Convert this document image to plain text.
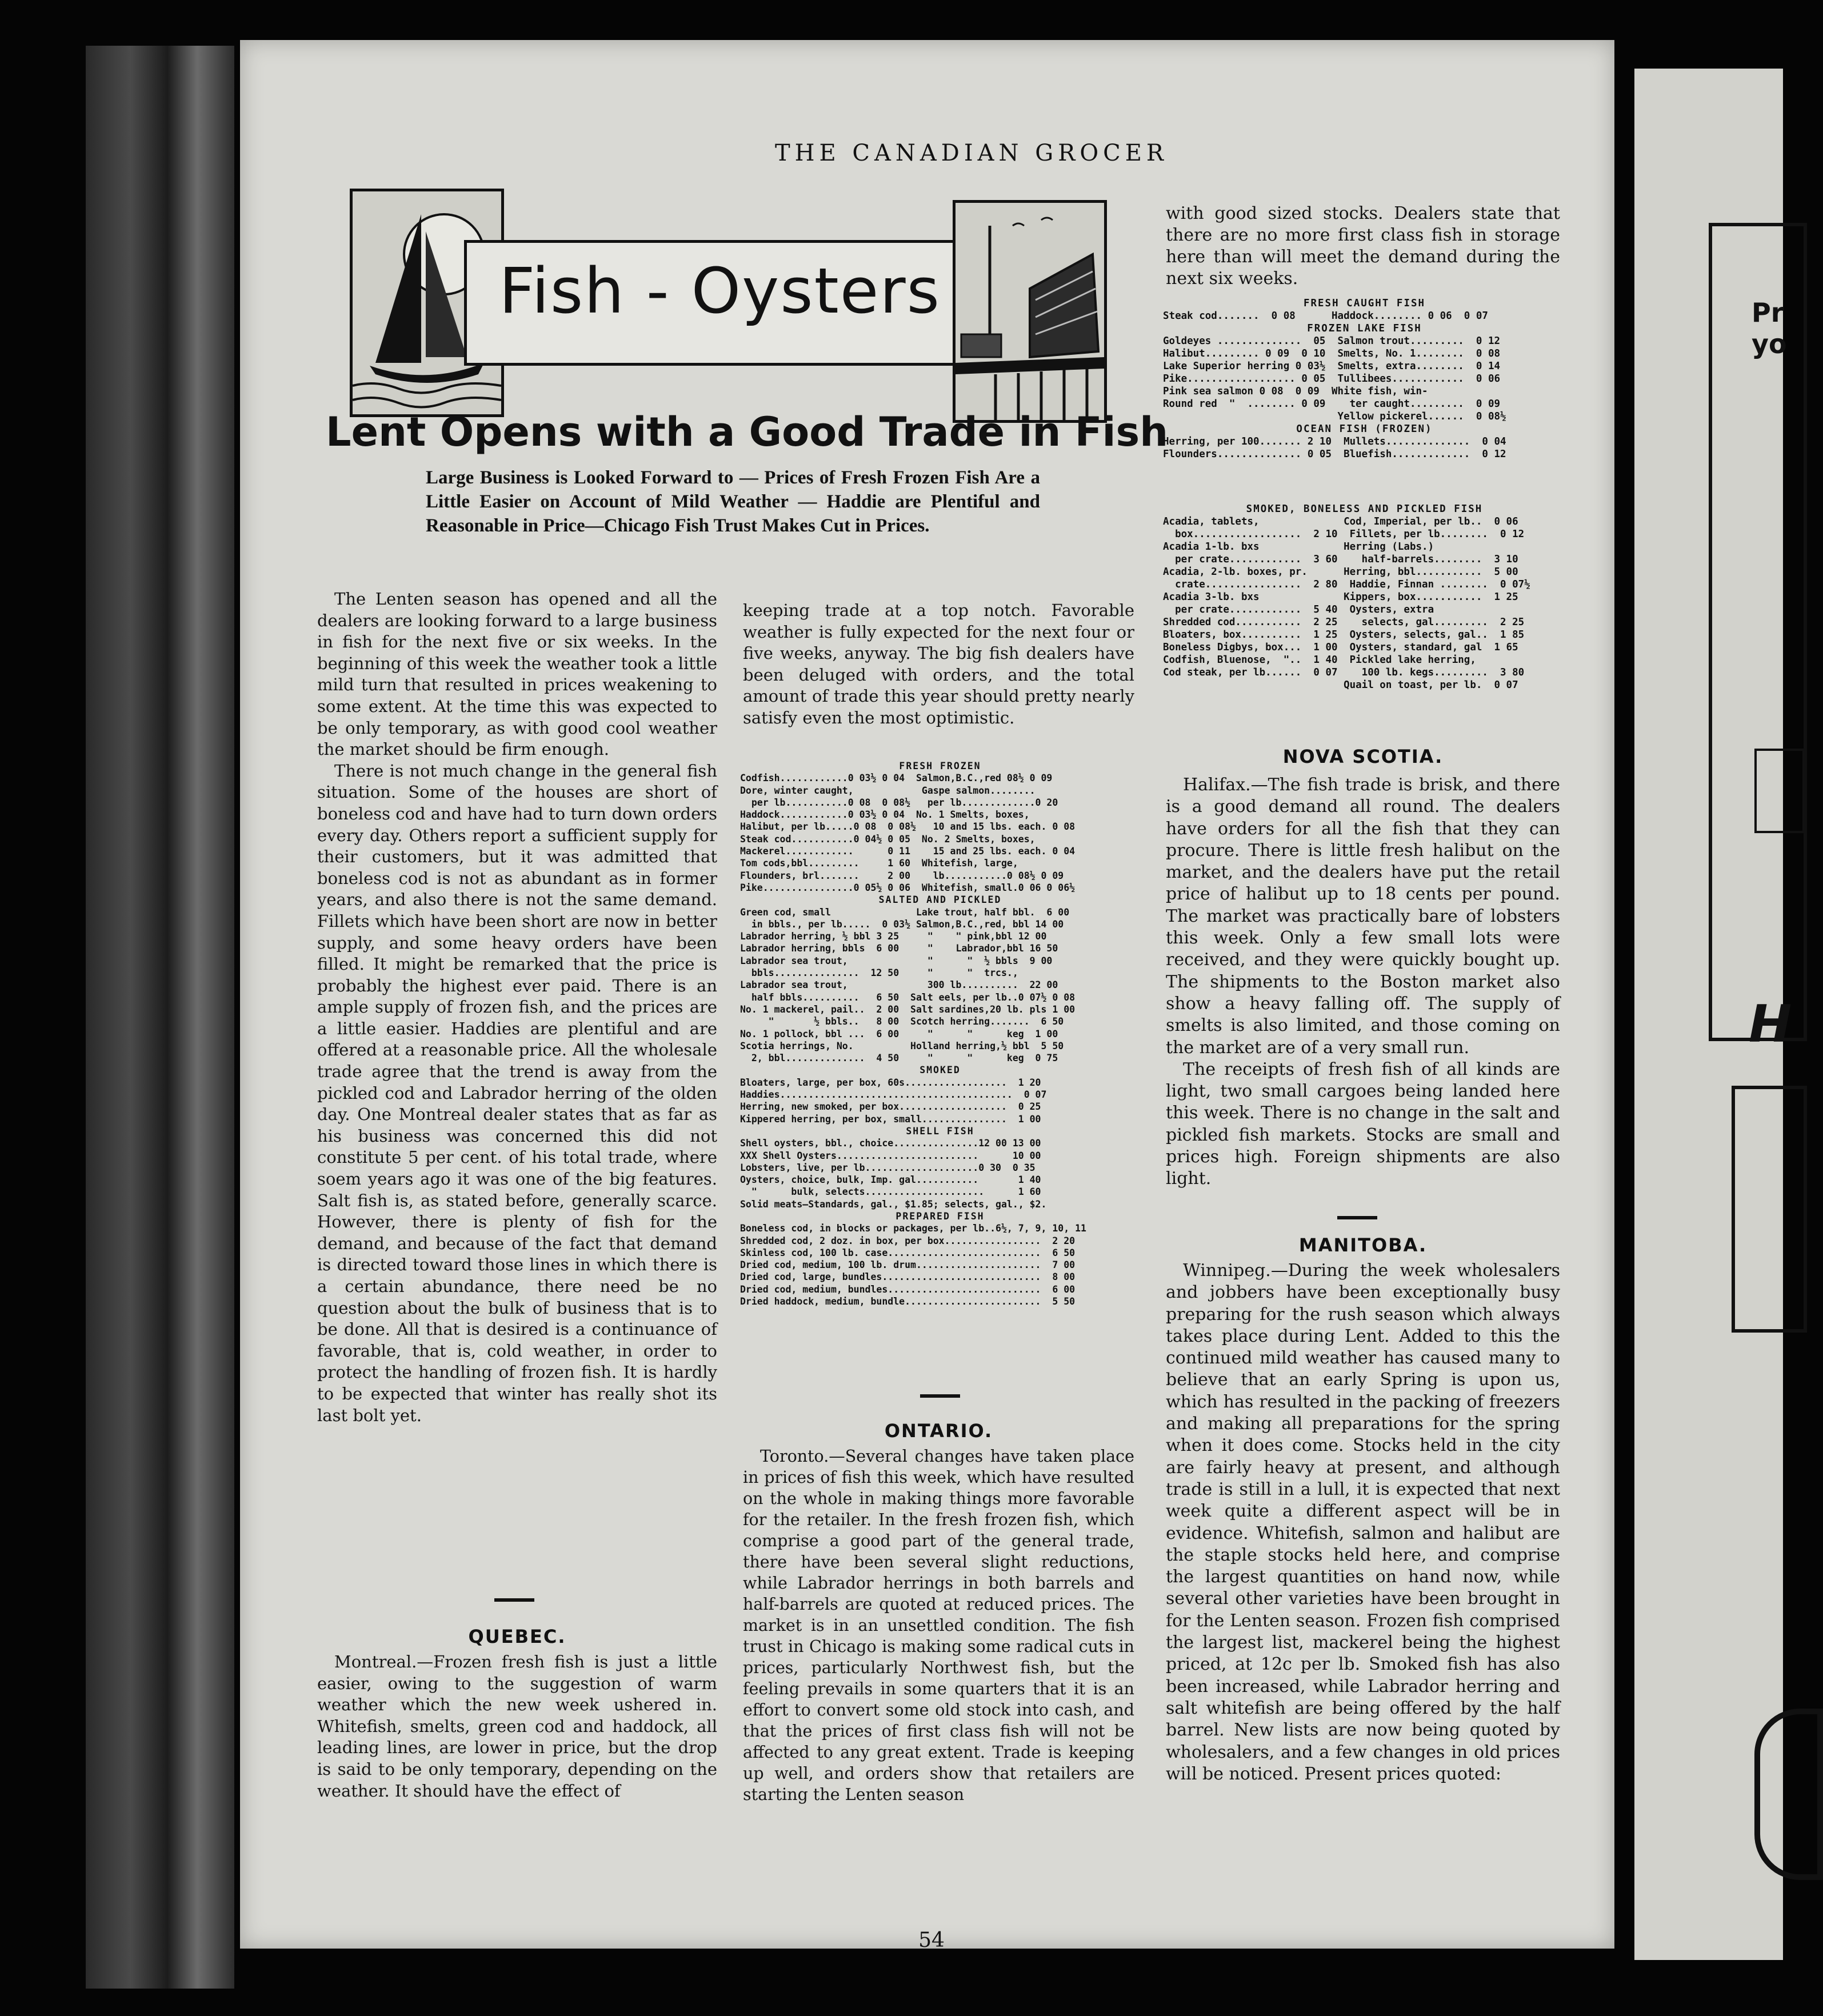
Pr
yo
H
THE CANADIAN GROCER
Fish - Oysters
Lent Opens with a Good Trade in Fish
Large Business is Looked Forward to — Prices of Fresh Frozen Fish Are a Little Easier on Account of Mild Weather — Haddie are Plentiful and Reasonable in Price—Chicago Fish Trust Makes Cut in Prices.

The Lenten season has opened and all the dealers are looking forward to a large business in fish for the next five or six weeks. In the beginning of this week the weather took a little mild turn that resulted in prices weakening to some extent. At the time this was expected to be only temporary, as with good cool weather the market should be firm enough.

There is not much change in the general fish situation. Some of the houses are short of boneless cod and have had to turn down orders every day. Others report a sufficient supply for their customers, but it was admitted that boneless cod is not as abundant as in former years, and also there is not the same demand. Fillets which have been short are now in better supply, and some heavy orders have been filled. It might be remarked that the price is probably the highest ever paid. There is an ample supply of frozen fish, and the prices are a little easier. Haddies are plentiful and are offered at a reasonable price. All the wholesale trade agree that the trend is away from the pickled cod and Labrador herring of the olden day. One Montreal dealer states that as far as his business was concerned this did not constitute 5 per cent. of his total trade, where soem years ago it was one of the big features. Salt fish is, as stated before, generally scarce. However, there is plenty of fish for the demand, and because of the fact that demand is directed toward those lines in which there is a certain abundance, there need be no question about the bulk of business that is to be done. All that is desired is a continuance of favorable, that is, cold weather, in order to protect the handling of frozen fish. It is hardly to be expected that winter has really shot its last bolt yet.

QUEBEC.

Montreal.—Frozen fresh fish is just a little easier, owing to the suggestion of warm weather which the new week ushered in. Whitefish, smelts, green cod and haddock, all leading lines, are lower in price, but the drop is said to be only temporary, depending on the weather. It should have the effect of

keeping trade at a top notch. Favorable weather is fully expected for the next four or five weeks, anyway. The big fish dealers have been deluged with orders, and the total amount of trade this year should pretty nearly satisfy even the most optimistic.

FRESH FROZEN
Codfish............0 03½ 0 04  Salmon,B.C.,red 08½ 0 09
Dore, winter caught,            Gaspe salmon........
per lb...........0 08  0 08½   per lb.............0 20
Haddock............0 03½ 0 04  No. 1 Smelts, boxes,
Halibut, per lb.....0 08  0 08½   10 and 15 lbs. each. 0 08
Steak cod...........0 04½ 0 05  No. 2 Smelts, boxes,
Mackerel............      0 11    15 and 25 lbs. each. 0 04
Tom cods,bbl.........     1 60  Whitefish, large,
Flounders, brl.......     2 00    lb...........0 08½ 0 09
Pike................0 05½ 0 06  Whitefish, small.0 06 0 06½
SALTED AND PICKLED
Green cod, small               Lake trout, half bbl.  6 00
in bbls., per lb.....  0 03½ Salmon,B.C.,red, bbl 14 00
Labrador herring, ½ bbl 3 25     "    " pink,bbl 12 00
Labrador herring, bbls  6 00     "    Labrador,bbl 16 50
Labrador sea trout,              "      "  ½ bbls  9 00
bbls...............  12 50     "      "  trcs.,
Labrador sea trout,              300 lb..........  22 00
half bbls..........   6 50  Salt eels, per lb..0 07½ 0 08
No. 1 mackerel, pail..  2 00  Salt sardines,20 lb. pls 1 00
"       ½ bbls..   8 00  Scotch herring.......  6 50
No. 1 pollock, bbl ...  6 00     "      "      keg  1 00
Scotia herrings, No.          Holland herring,½ bbl  5 50
2, bbl..............  4 50     "      "      keg  0 75
SMOKED
Bloaters, large, per box, 60s..................  1 20
Haddies.........................................  0 07
Herring, new smoked, per box...................  0 25
Kippered herring, per box, small...............  1 00
SHELL FISH
Shell oysters, bbl., choice...............12 00 13 00
XXX Shell Oysters.........................      10 00
Lobsters, live, per lb....................0 30  0 35
Oysters, choice, bulk, Imp. gal...........       1 40
"      bulk, selects.....................      1 60
Solid meats—Standards, gal., $1.85; selects, gal., $2.
PREPARED FISH
Boneless cod, in blocks or packages, per lb..6½, 7, 9, 10, 11
Shredded cod, 2 doz. in box, per box.................  2 20
Skinless cod, 100 lb. case...........................  6 50
Dried cod, medium, 100 lb. drum......................  7 00
Dried cod, large, bundles............................  8 00
Dried cod, medium, bundles...........................  6 00
Dried haddock, medium, bundle........................  5 50
ONTARIO.

Toronto.—Several changes have taken place in prices of fish this week, which have resulted on the whole in making things more favorable for the retailer. In the fresh frozen fish, which comprise a good part of the general trade, there have been several slight reductions, while Labrador herrings in both barrels and half-barrels are quoted at reduced prices. The market is in an unsettled condition. The fish trust in Chicago is making some radical cuts in prices, particularly Northwest fish, but the feeling prevails in some quarters that it is an effort to convert some old stock into cash, and that the prices of first class fish will not be affected to any great extent. Trade is keeping up well, and orders show that retailers are starting the Lenten season

with good sized stocks. Dealers state that there are no more first class fish in storage here than will meet the demand during the next six weeks.

FRESH CAUGHT FISH
Steak cod.......  0 08      Haddock........ 0 06  0 07
FROZEN LAKE FISH
Goldeyes ..............  05  Salmon trout.........  0 12
Halibut......... 0 09  0 10  Smelts, No. 1........  0 08
Lake Superior herring 0 03½  Smelts, extra........  0 14
Pike.................. 0 05  Tullibees............  0 06
Pink sea salmon 0 08  0 09  White fish, win-
Round red  "  ........ 0 09    ter caught.........  0 09
Yellow pickerel......  0 08½
OCEAN FISH (FROZEN)
Herring, per 100....... 2 10  Mullets..............  0 04
Flounders.............. 0 05  Bluefish.............  0 12
SMOKED, BONELESS AND PICKLED FISH
Acadia, tablets,              Cod, Imperial, per lb..  0 06
box..................  2 10  Fillets, per lb........  0 12
Acadia 1-lb. bxs              Herring (Labs.)
per crate............  3 60    half-barrels........  3 10
Acadia, 2-lb. boxes, pr.      Herring, bbl...........  5 00
crate................  2 80  Haddie, Finnan ........  0 07½
Acadia 3-lb. bxs              Kippers, box...........  1 25
per crate............  5 40  Oysters, extra
Shredded cod...........  2 25    selects, gal.........  2 25
Bloaters, box..........  1 25  Oysters, selects, gal..  1 85
Boneless Digbys, box...  1 00  Oysters, standard, gal  1 65
Codfish, Bluenose,  "..  1 40  Pickled lake herring,
Cod steak, per lb......  0 07    100 lb. kegs.........  3 80
Quail on toast, per lb.  0 07
NOVA SCOTIA.

Halifax.—The fish trade is brisk, and there is a good demand all round. The dealers have orders for all the fish that they can procure. There is little fresh halibut on the market, and the dealers have put the retail price of halibut up to 18 cents per pound. The market was practically bare of lobsters this week. Only a few small lots were received, and they were quickly bought up. The shipments to the Boston market also show a heavy falling off. The supply of smelts is also limited, and those coming on the market are of a very small run.

The receipts of fresh fish of all kinds are light, two small cargoes being landed here this week. There is no change in the salt and pickled fish markets. Stocks are small and prices high. Foreign shipments are also light.

MANITOBA.

Winnipeg.—During the week wholesalers and jobbers have been exceptionally busy preparing for the rush season which always takes place during Lent. Added to this the continued mild weather has caused many to believe that an early Spring is upon us, which has resulted in the packing of freezers and making all preparations for the spring when it does come. Stocks held in the city are fairly heavy at present, and although trade is still in a lull, it is expected that next week quite a different aspect will be in evidence. Whitefish, salmon and halibut are the staple stocks held here, and comprise the largest quantities on hand now, while several other varieties have been brought in for the Lenten season. Frozen fish comprised the largest list, mackerel being the highest priced, at 12c per lb. Smoked fish has also been increased, while Labrador herring and salt whitefish are being offered by the half barrel. New lists are now being quoted by wholesalers, and a few changes in old prices will be noticed. Present prices quoted:

54
